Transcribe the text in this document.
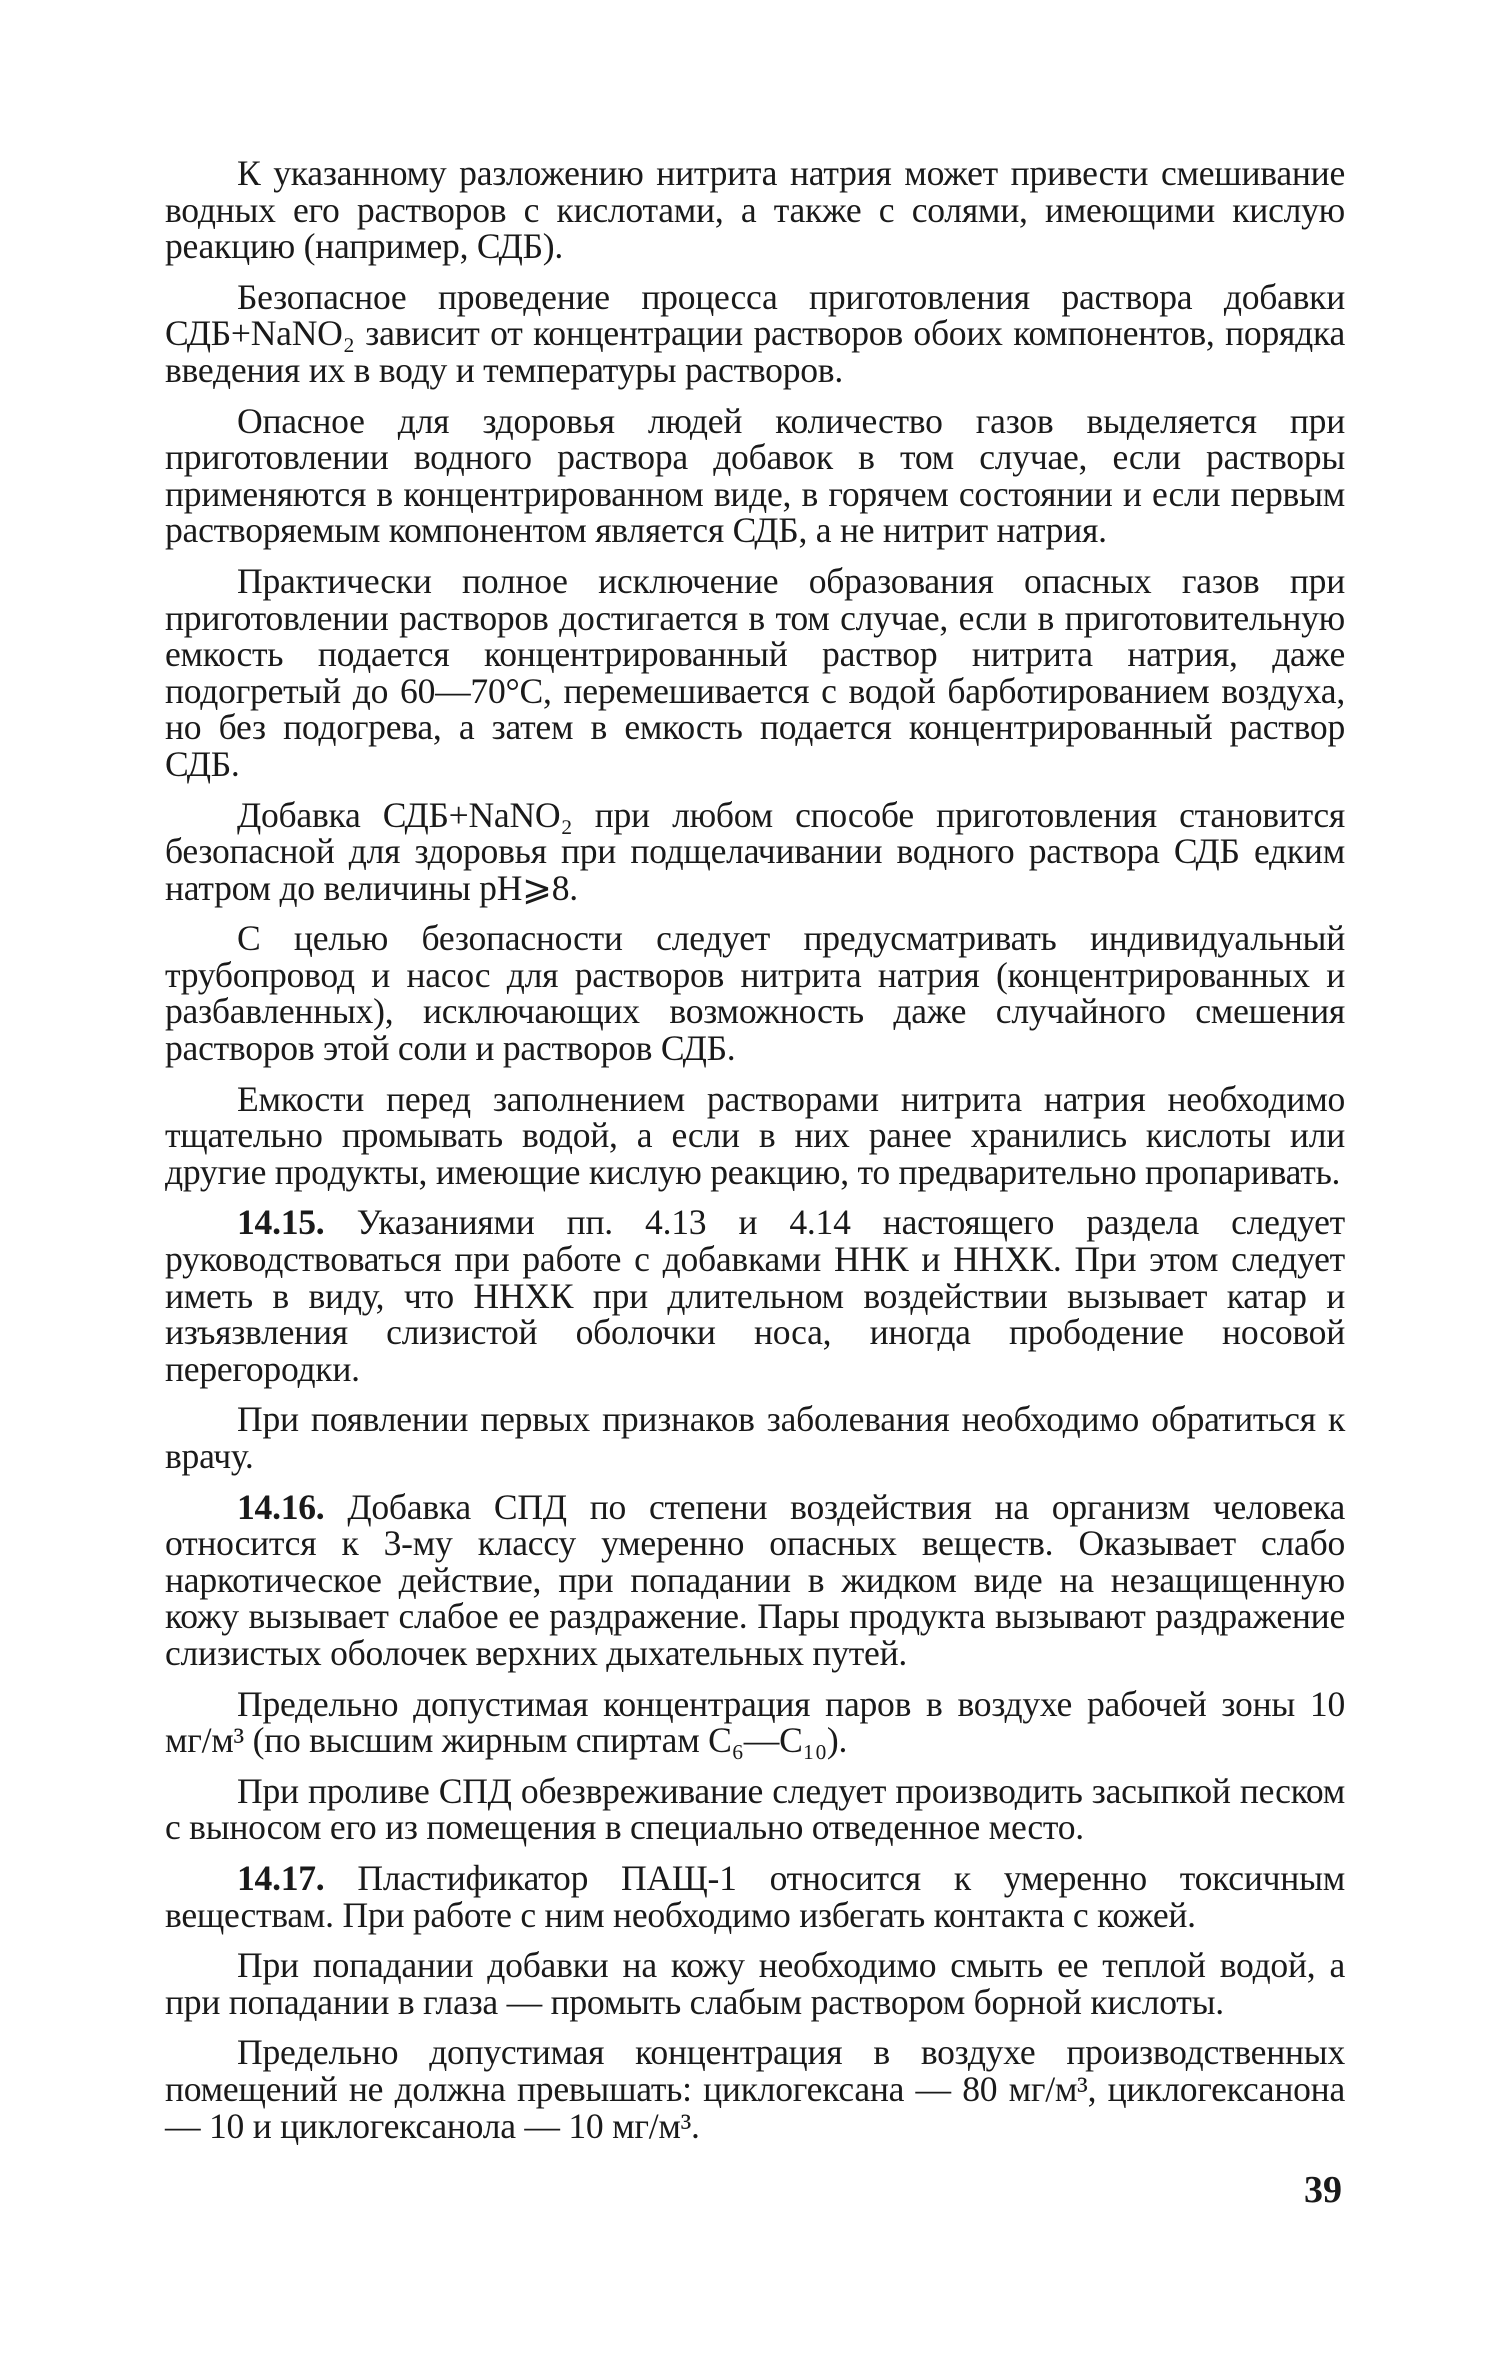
К указанному разложению нитрита натрия может привести смешивание водных его растворов с кислотами, а также с солями, имеющими кислую реакцию (например, СДБ).

Безопасное проведение процесса приготовления раствора добавки СДБ+NaNO₂ зависит от концентрации растворов обоих компонентов, порядка введения их в воду и температуры растворов.

Опасное для здоровья людей количество газов выделяется при приготовлении водного раствора добавок в том случае, если растворы применяются в концентрированном виде, в горячем состоянии и если первым растворяемым компонентом является СДБ, а не нитрит натрия.

Практически полное исключение образования опасных газов при приготовлении растворов достигается в том случае, если в приготовительную емкость подается концентрированный раствор нитрита натрия, даже подогретый до 60—70°С, перемешивается с водой барботированием воздуха, но без подогрева, а затем в емкость подается концентрированный раствор СДБ.

Добавка СДБ+NaNO₂ при любом способе приготовления становится безопасной для здоровья при подщелачивании водного раствора СДБ едким натром до величины рН⩾8.

С целью безопасности следует предусматривать индивидуальный трубопровод и насос для растворов нитрита натрия (концентрированных и разбавленных), исключающих возможность даже случайного смешения растворов этой соли и растворов СДБ.

Емкости перед заполнением растворами нитрита натрия необходимо тщательно промывать водой, а если в них ранее хранились кислоты или другие продукты, имеющие кислую реакцию, то предварительно пропаривать.

14.15. Указаниями пп. 4.13 и 4.14 настоящего раздела следует руководствоваться при работе с добавками ННК и ННХК. При этом следует иметь в виду, что ННХК при длительном воздействии вызывает катар и изъязвления слизистой оболочки носа, иногда прободение носовой перегородки.

При появлении первых признаков заболевания необходимо обратиться к врачу.

14.16. Добавка СПД по степени воздействия на организм человека относится к 3-му классу умеренно опасных веществ. Оказывает слабо наркотическое действие, при попадании в жидком виде на незащищенную кожу вызывает слабое ее раздражение. Пары продукта вызывают раздражение слизистых оболочек верхних дыхательных путей.

Предельно допустимая концентрация паров в воздухе рабочей зоны 10 мг/м³ (по высшим жирным спиртам С₆—С₁₀).

При проливе СПД обезвреживание следует производить засыпкой песком с выносом его из помещения в специально отведенное место.

14.17. Пластификатор ПАЩ-1 относится к умеренно токсичным веществам. При работе с ним необходимо избегать контакта с кожей.

При попадании добавки на кожу необходимо смыть ее теплой водой, а при попадании в глаза — промыть слабым раствором борной кислоты.

Предельно допустимая концентрация в воздухе производственных помещений не должна превышать: циклогексана — 80 мг/м³, циклогексанона — 10 и циклогексанола — 10 мг/м³.

39
